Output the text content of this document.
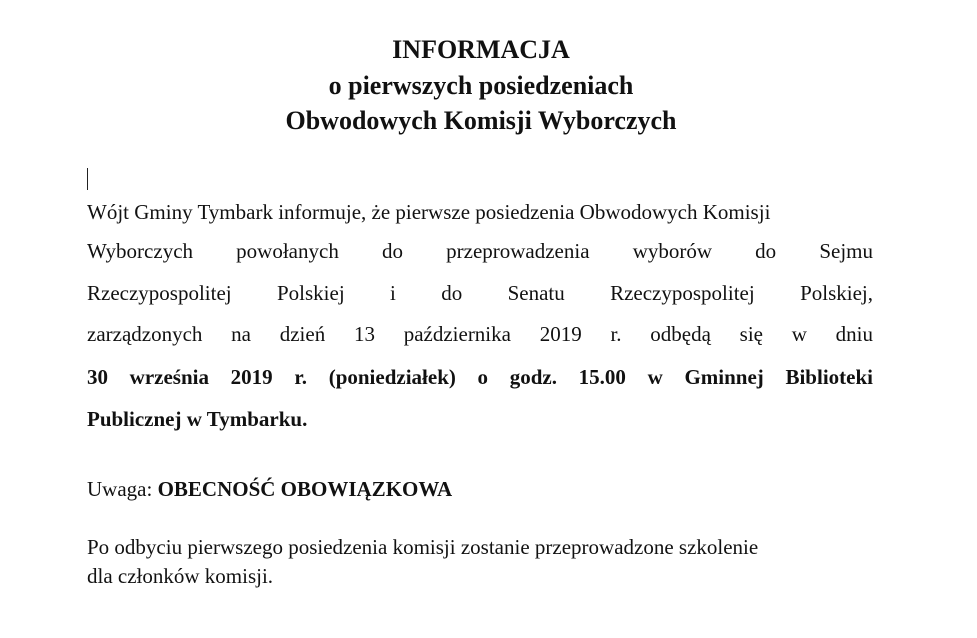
INFORMACJA
o pierwszych posiedzeniach
Obwodowych Komisji Wyborczych
Wójt Gminy Tymbark informuje, że pierwsze posiedzenia Obwodowych Komisji
Wyborczych powołanych do przeprowadzenia wyborów do Sejmu
Rzeczypospolitej Polskiej i do Senatu Rzeczypospolitej Polskiej,
zarządzonych na dzień 13 października 2019 r. odbędą się w dniu
30 września 2019 r. (poniedziałek) o godz. 15.00 w Gminnej Biblioteki
Publicznej w Tymbarku.
Uwaga: OBECNOŚĆ OBOWIĄZKOWA
Po odbyciu pierwszego posiedzenia komisji zostanie przeprowadzone szkolenie
dla członków komisji.
